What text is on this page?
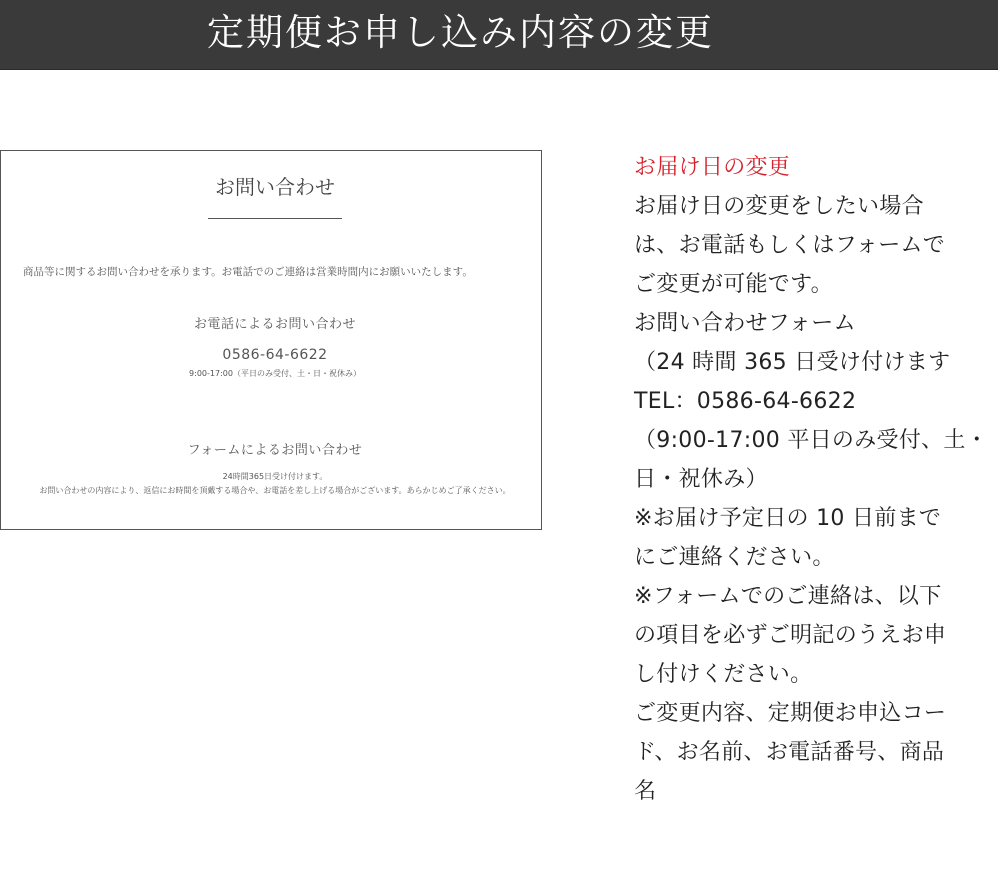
定期便お申し込み内容の変更
お問い合わせ
商品等に関するお問い合わせを承ります。お電話でのご連絡は営業時間内にお願いいたします。
お電話によるお問い合わせ
0586-64-6622
9:00-17:00（平日のみ受付、土・日・祝休み）
フォームによるお問い合わせ
24時間365日受け付けます。
お問い合わせの内容により、返信にお時間を頂戴する場合や、お電話を差し上げる場合がございます。あらかじめご了承ください。
お届け日の変更
お届け日の変更をしたい場合
は、お電話もしくはフォームで
ご変更が可能です。
お問い合わせフォーム
（24 時間 365 日受け付けます
TEL：0586-64-6622
（9:00-17:00 平日のみ受付、土・
日・祝休み）
※お届け予定日の 10 日前まで
にご連絡ください。
※フォームでのご連絡は、以下
の項目を必ずご明記のうえお申
し付けください。
ご変更内容、定期便お申込コー
ド、お名前、お電話番号、商品
名
